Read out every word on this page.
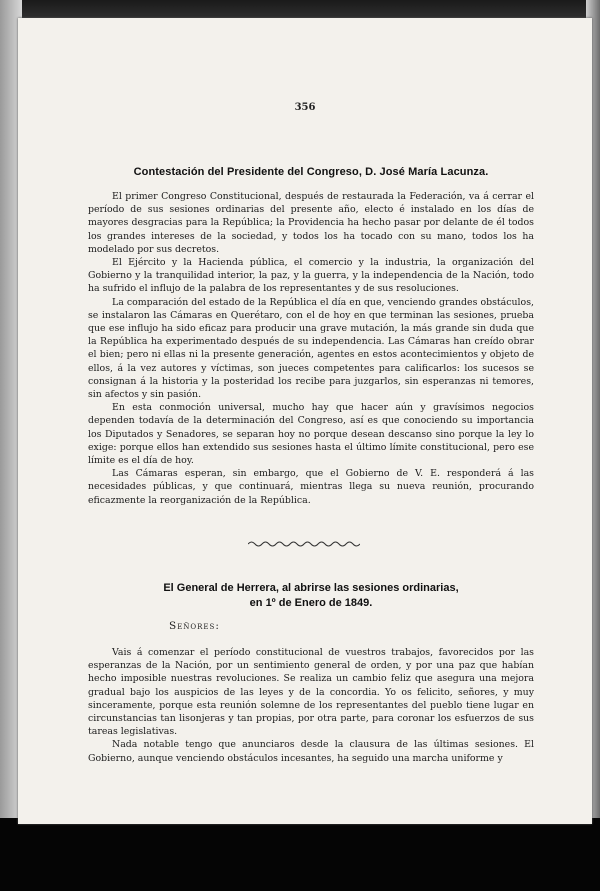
356
Contestación del Presidente del Congreso, D. José María Lacunza.

El primer Congreso Constitucional, después de restaurada la Federación, va á cerrar el período de sus sesiones ordinarias del presente año, electo é instalado en los días de mayores desgracias para la República; la Providencia ha hecho pasar por delante de él todos los grandes intereses de la sociedad, y todos los ha tocado con su mano, todos los ha modelado por sus decretos.

El Ejército y la Hacienda pública, el comercio y la industria, la organización del Gobierno y la tranquilidad interior, la paz, y la guerra, y la independencia de la Nación, todo ha sufrido el influjo de la palabra de los representantes y de sus resoluciones.

La comparación del estado de la República el día en que, venciendo grandes obstáculos, se instalaron las Cámaras en Querétaro, con el de hoy en que terminan las sesiones, prueba que ese influjo ha sido eficaz para producir una grave mutación, la más grande sin duda que la República ha experimentado después de su independencia. Las Cámaras han creído obrar el bien; pero ni ellas ni la presente generación, agentes en estos acontecimientos y objeto de ellos, á la vez autores y víctimas, son jueces competentes para calificarlos: los sucesos se consignan á la historia y la posteridad los recibe para juzgarlos, sin esperanzas ni temores, sin afectos y sin pasión.

En esta conmoción universal, mucho hay que hacer aún y gravísimos negocios dependen todavía de la determinación del Congreso, así es que conociendo su importancia los Diputados y Senadores, se separan hoy no porque desean descanso sino porque la ley lo exige: porque ellos han extendido sus sesiones hasta el último límite constitucional, pero ese límite es el día de hoy.

Las Cámaras esperan, sin embargo, que el Gobierno de V. E. responderá á las necesidades públicas, y que continuará, mientras llega su nueva reunión, procurando eficazmente la reorganización de la República.

El General de Herrera, al abrirse las sesiones ordinarias,
en 1º de Enero de 1849.
Señores:

Vais á comenzar el período constitucional de vuestros trabajos, favorecidos por las esperanzas de la Nación, por un sentimiento general de orden, y por una paz que habían hecho imposible nuestras revoluciones. Se realiza un cambio feliz que asegura una mejora gradual bajo los auspicios de las leyes y de la concordia. Yo os felicito, señores, y muy sinceramente, porque esta reunión solemne de los representantes del pueblo tiene lugar en circunstancias tan lisonjeras y tan propias, por otra parte, para coronar los esfuerzos de sus tareas legislativas.

Nada notable tengo que anunciaros desde la clausura de las últimas sesiones. El Gobierno, aunque venciendo obstáculos incesantes, ha seguido una marcha uniforme y
